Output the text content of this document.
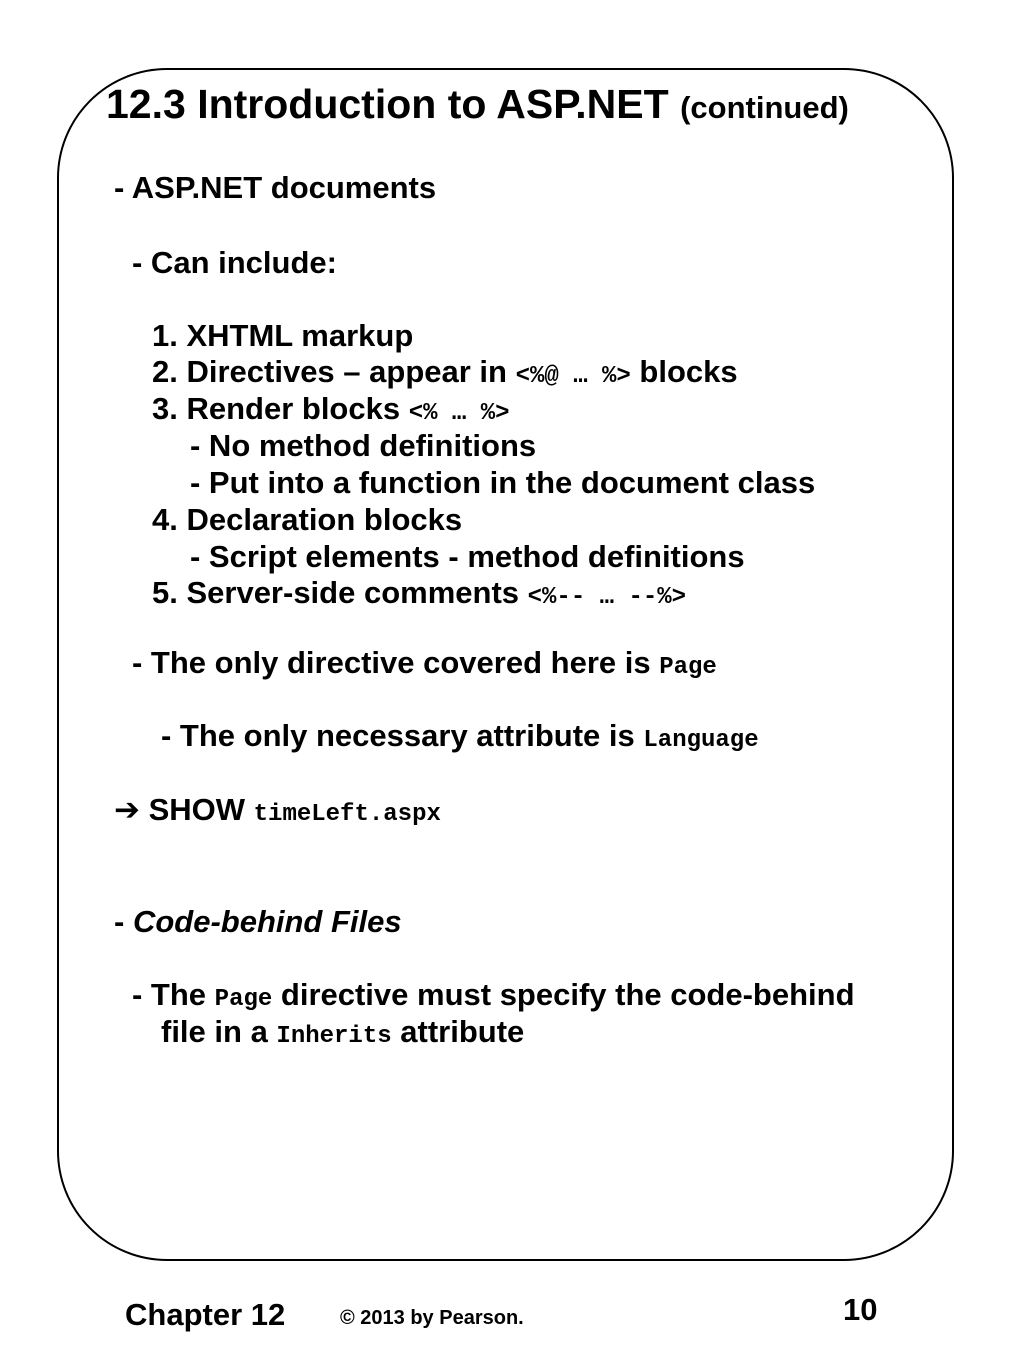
12.3 Introduction to ASP.NET (continued)
- ASP.NET documents
- Can include:
1. XHTML markup
2. Directives – appear in <%@ … %> blocks
3. Render blocks <% … %>
- No method definitions
- Put into a function in the document class
4. Declaration blocks
- Script elements - method definitions
5. Server-side comments <%-- … --%>
- The only directive covered here is Page
- The only necessary attribute is Language
➔ SHOW timeLeft.aspx
- Code-behind Files
- The Page directive must specify the code-behind
file in a Inherits attribute
Chapter 12	© 2013 by Pearson.	10
